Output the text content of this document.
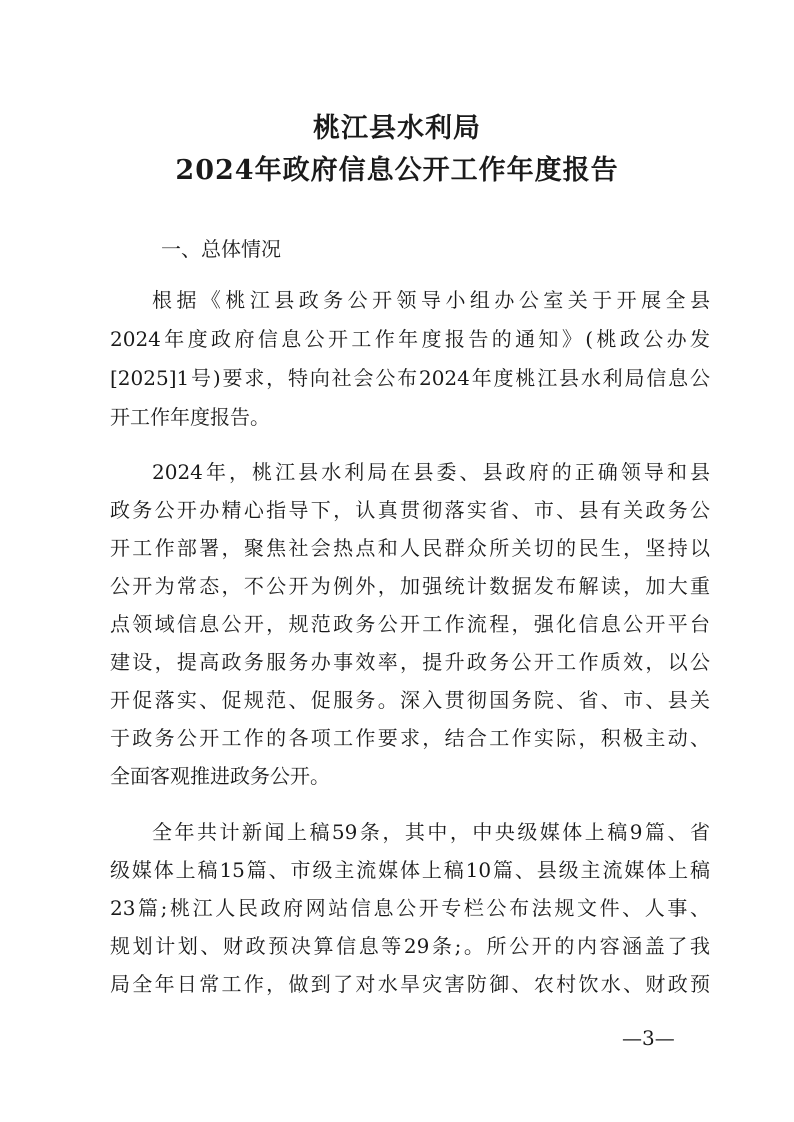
桃江县水利局
2024年政府信息公开工作年度报告
一、总体情况
根据《桃江县政务公开领导小组办公室关于开展全县
2024年度政府信息公开工作年度报告的通知》(桃政公办发
[2025]1号)要求，特向社会公布2024年度桃江县水利局信息公
开工作年度报告。
2024年，桃江县水利局在县委、县政府的正确领导和县
政务公开办精心指导下，认真贯彻落实省、市、县有关政务公
开工作部署，聚焦社会热点和人民群众所关切的民生，坚持以
公开为常态，不公开为例外，加强统计数据发布解读，加大重
点领域信息公开，规范政务公开工作流程，强化信息公开平台
建设，提高政务服务办事效率，提升政务公开工作质效，以公
开促落实、促规范、促服务。深入贯彻国务院、省、市、县关
于政务公开工作的各项工作要求，结合工作实际，积极主动、
全面客观推进政务公开。
全年共计新闻上稿59条，其中，中央级媒体上稿9篇、省
级媒体上稿15篇、市级主流媒体上稿10篇、县级主流媒体上稿
23篇;桃江人民政府网站信息公开专栏公布法规文件、人事、
规划计划、财政预决算信息等29条;。所公开的内容涵盖了我
局全年日常工作，做到了对水旱灾害防御、农村饮水、财政预
—3—
